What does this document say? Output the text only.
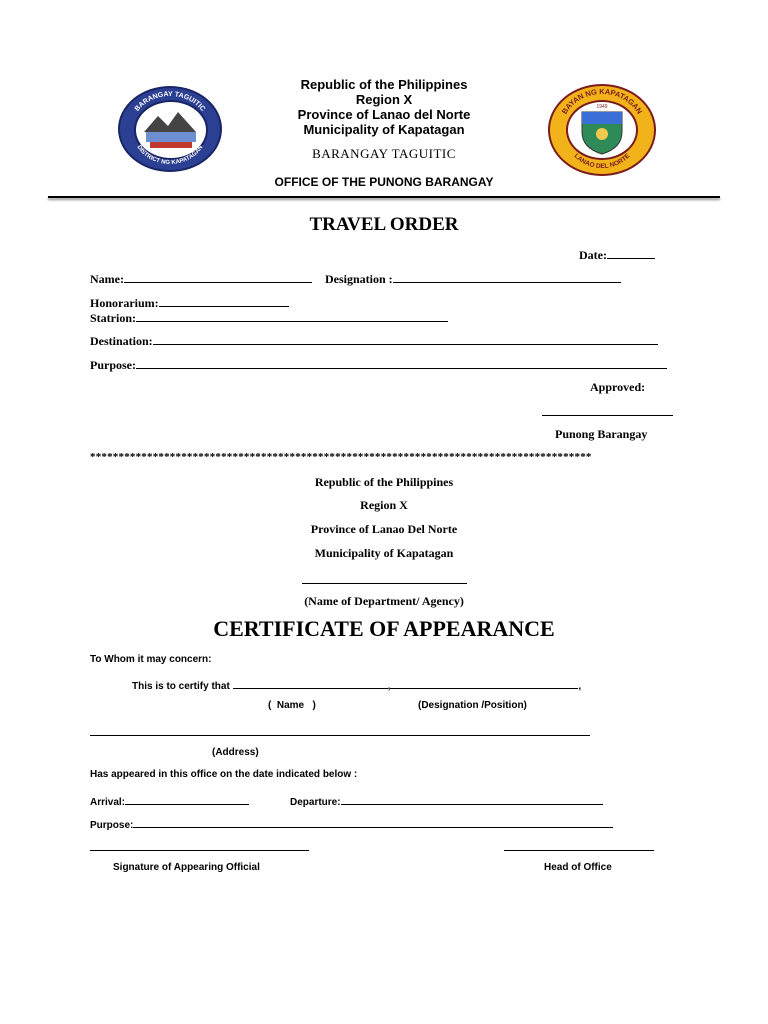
BARANGAY TAGUITIC
DISTRICT NG KAPATAGAN
BAYAN NG KAPATAGAN
LANAO DEL NORTE
1949
Republic of the Philippines
Region X
Province of Lanao del Norte
Municipality of Kapatagan
BARANGAY TAGUITIC
OFFICE OF THE PUNONG BARANGAY
TRAVEL ORDER
Date:
Name:	Designation :
Honorarium:
Statrion:
Destination:
Purpose:
Approved:
Punong Barangay
****************************************************************************************
Republic of the Philippines
Region X
Province of Lanao Del Norte
Municipality of Kapatagan
(Name of Department/ Agency)
CERTIFICATE OF APPEARANCE
To Whom it may concern:
This is to certify that	,	,
(  Name   )	(Designation /Position)
(Address)
Has appeared in this office on the date indicated below :
Arrival:	Departure:
Purpose:
Signature of Appearing Official	Head of Office
